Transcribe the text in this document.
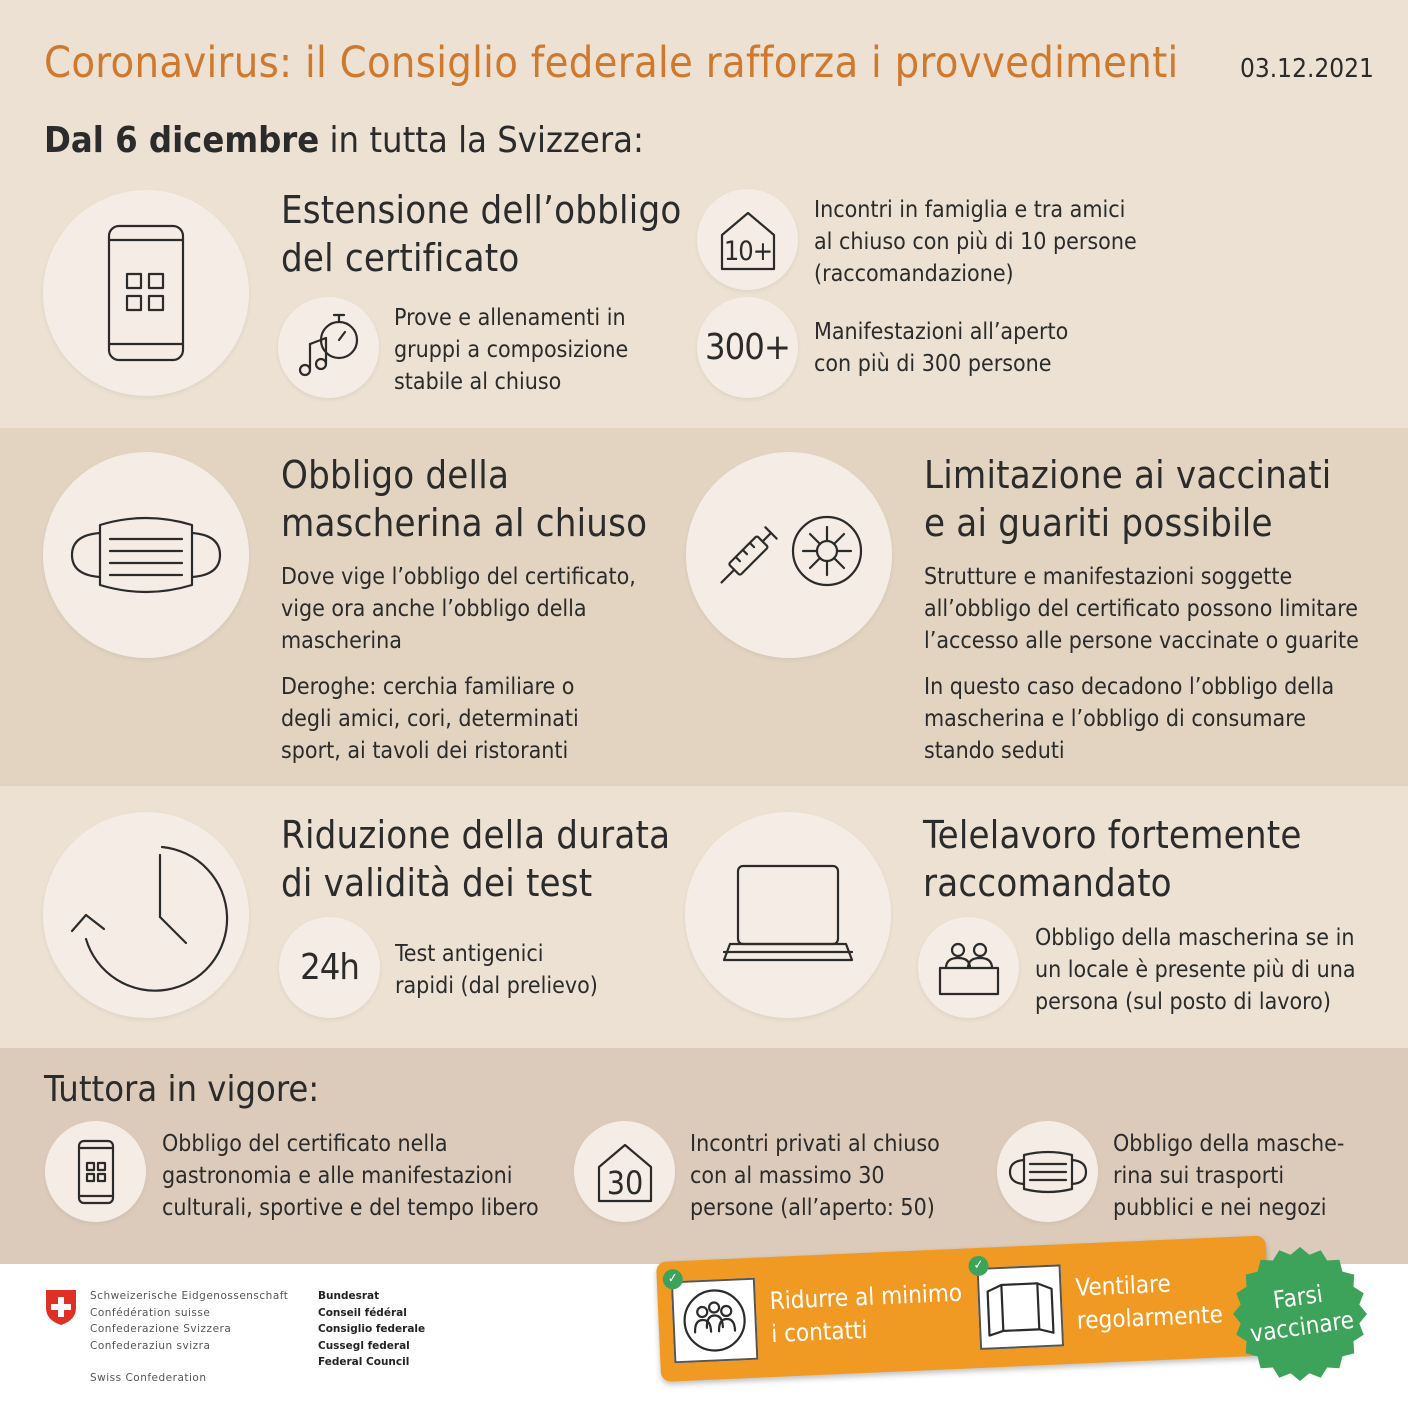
Coronavirus: il Consiglio federale rafforza i provvedimenti 03.12.2021
Dal 6 dicembre in tutta la Svizzera:
Estensione dell’obbligo
del certificato
Prove e allenamenti in
gruppi a composizione
stabile al chiuso
10+
Incontri in famiglia e tra amici
al chiuso con più di 10 persone
(raccomandazione)
300+ Manifestazioni all’aperto
con più di 300 persone
Obbligo della
mascherina al chiuso
Dove vige l’obbligo del certificato,
vige ora anche l’obbligo della
mascherina
Deroghe: cerchia familiare o
degli amici, cori, determinati
sport, ai tavoli dei ristoranti
Limitazione ai vaccinati
e ai guariti possibile
Strutture e manifestazioni soggette
all’obbligo del certificato possono limitare
l’accesso alle persone vaccinate o guarite
In questo caso decadono l’obbligo della
mascherina e l’obbligo di consumare
stando seduti
Riduzione della durata
di validità dei test
24h Test antigenici
rapidi (dal prelievo)
Telelavoro fortemente
raccomandato
Obbligo della mascherina se in
un locale è presente più di una
persona (sul posto di lavoro)
Tuttora in vigore:
Obbligo del certificato nella
gastronomia e alle manifestazioni
culturali, sportive e del tempo libero
30
Incontri privati al chiuso
con al massimo 30
persone (all’aperto: 50)
Obbligo della masche-
rina sui trasporti
pubblici e nei negozi
Schweizerische Eidgenossenschaft
Confédération suisse
Confederazione Svizzera
Confederaziun svizra
Swiss Confederation
Bundesrat
Conseil fédéral
Consiglio federale
Cussegl federal
Federal Council
✓	Ridurre al minimo
i contatti
✓
Ventilare
regolarmente
Farsi
vaccinare
